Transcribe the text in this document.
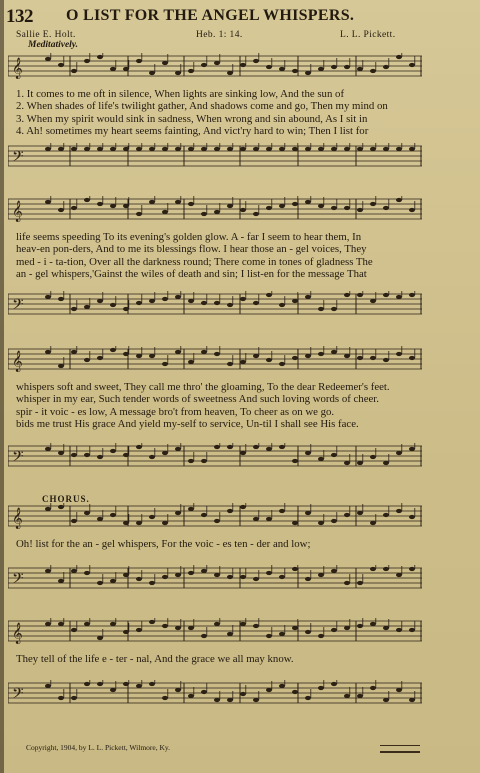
132 O LIST FOR THE ANGEL WHISPERS.
Sallie E. Holt.	Heb. 1: 14.	L. L. Pickett.
Meditatively.
𝄞
1. It comes to me oft in silence, When lights are sinking low, And the sun of
2. When shades of life's twilight gather, And shadows come and go, Then my mind on
3. When my spirit would sink in sadness, When wrong and sin abound, As I sit in
4. Ah! sometimes my heart seems fainting, And vict'ry hard to win; Then I list for
𝄢
𝄞
life seems speeding To its evening's golden glow. A - far I seem to hear them, In
heav-en pon-ders, And to me its blessings flow. I hear those an - gel voices, They
med - i - ta-tion, Over all the darkness round; There come in tones of gladness The
an - gel whispers,'Gainst the wiles of death and sin; I list-en for the message That
𝄢
𝄞
whispers soft and sweet, They call me thro' the gloaming, To the dear Redeemer's feet.
whisper in my ear, Such tender words of sweetness And such loving words of cheer.
spir - it voic - es low, A message bro't from heaven, To cheer as on we go.
bids me trust His grace And yield my-self to service, Un-til I shall see His face.
𝄢
CHORUS.
𝄞
Oh! list for the an - gel whispers, For the voic - es ten - der and low;
𝄢
𝄞
They tell of the life e - ter - nal, And the grace we all may know.
𝄢
Copyright, 1904, by L. L. Pickett, Wilmore, Ky.
